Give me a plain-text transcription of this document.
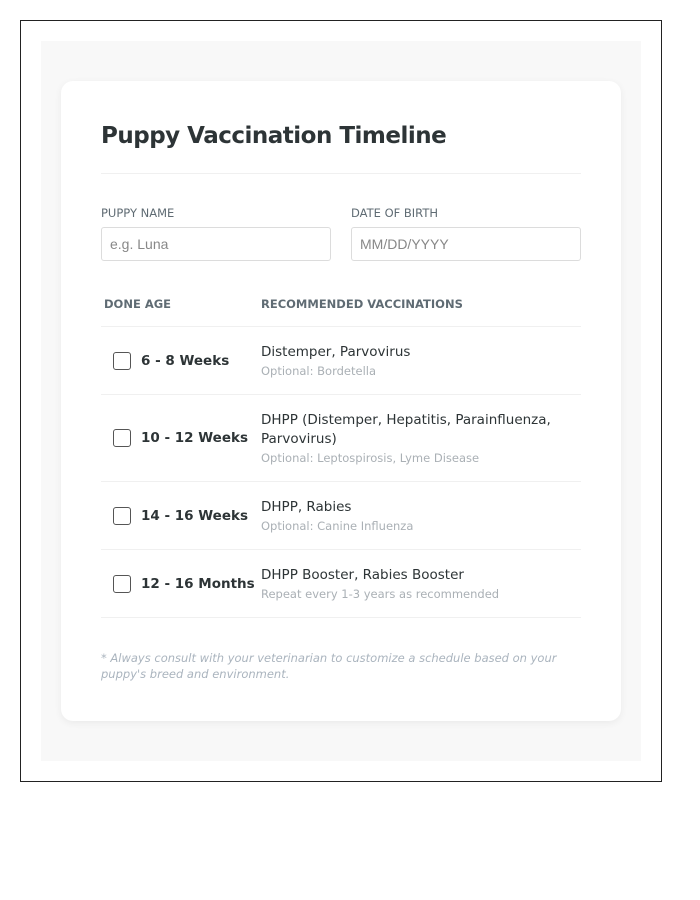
Puppy Vaccination Timeline
PUPPY NAME
e.g. Luna	DATE OF BIRTH
MM/DD/YYYY
DONE AGE	RECOMMENDED VACCINATIONS
6 - 8 Weeks
Distemper, Parvovirus
Optional: Bordetella
10 - 12 Weeks
DHPP (Distemper, Hepatitis, Parainfluenza, Parvovirus)
Optional: Leptospirosis, Lyme Disease
14 - 16 Weeks
DHPP, Rabies
Optional: Canine Influenza
12 - 16 Months
DHPP Booster, Rabies Booster
Repeat every 1-3 years as recommended
* Always consult with your veterinarian to customize a schedule based on your puppy's breed and environment.
